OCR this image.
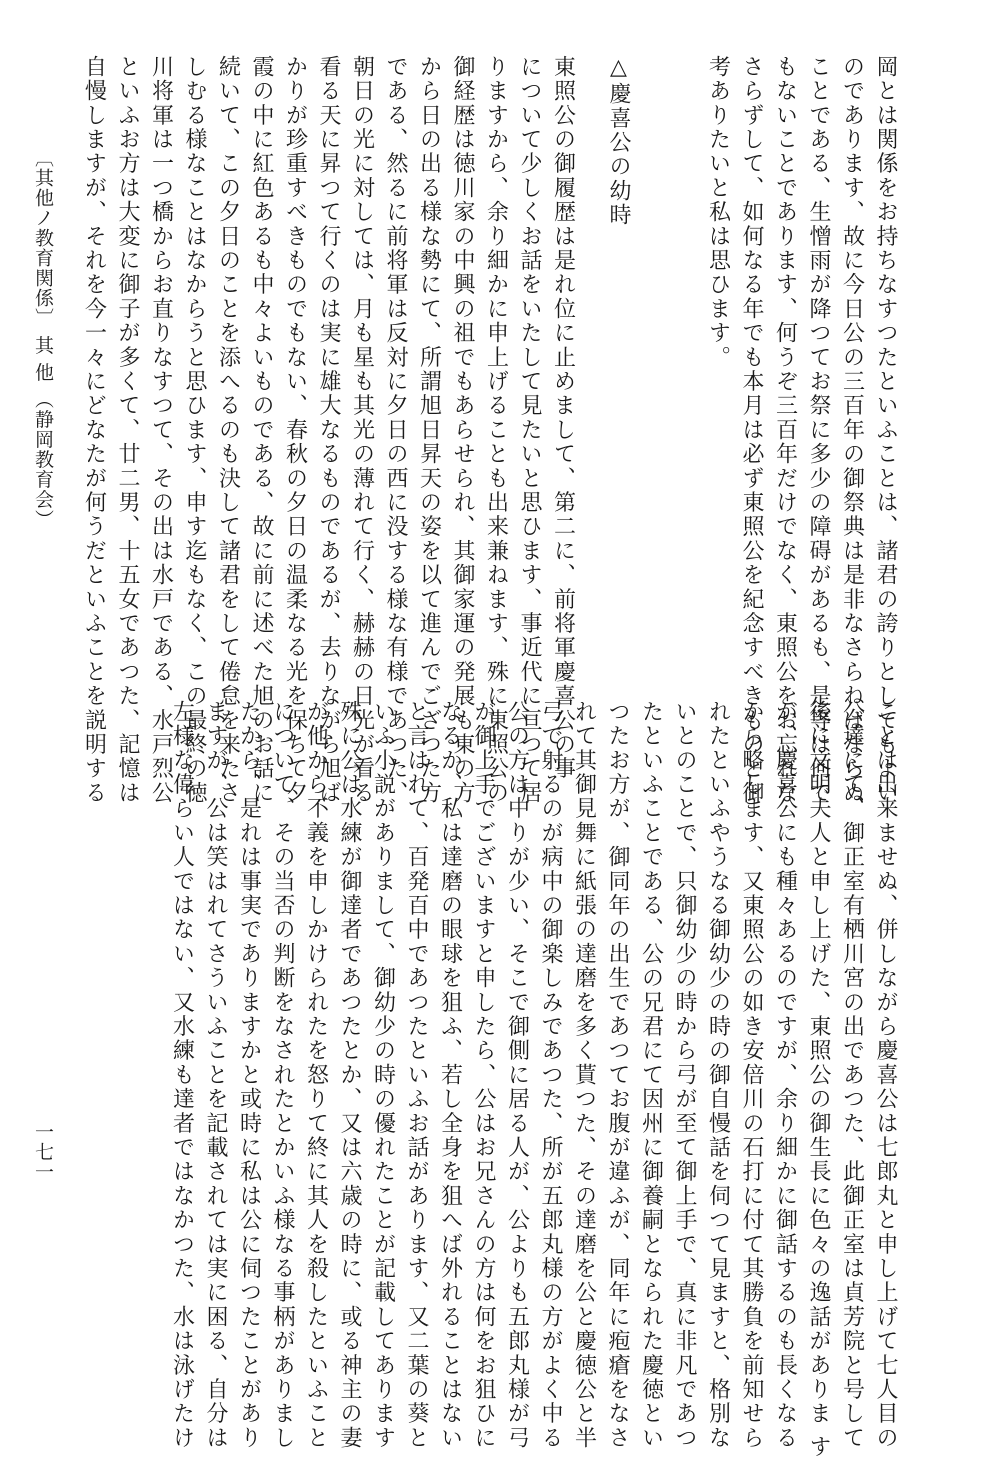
岡とは関係をお持ちなすつたといふことは、諸君の誇りとしてもよい
のであります、故に今日公の三百年の御祭典は是非なさらねばならぬ
ことである、生憎雨が降つてお祭に多少の障碍があるも、是等は何で
もないことであります、何うぞ三百年だけでなく、東照公をお忘れな
さらずして、如何なる年でも本月は必ず東照公を紀念すべきものと御
考ありたいと私は思ひます。
△慶喜公の幼時
東照公の御履歴は是れ位に止めまして、第二に、前将軍慶喜公の事
について少しくお話をいたして見たいと思ひます、事近代に亘つて居
りますから、余り細かに申上げることも出来兼ねます、殊に東照公の
御経歴は徳川家の中興の祖でもあらせられ、其御家運の発展も東の方
から日の出る様な勢にて、所謂旭日昇天の姿を以て進んでござつた方
である、然るに前将軍は反対に夕日の西に没する様な有様であつた、
朝日の光に対しては、月も星も其光の薄れて行く、赫赫の日光が看る
看る天に昇つて行くのは実に雄大なるものであるが、去りながら旭ば
かりが珍重すべきものでもない、春秋の夕日の温柔なる光を保ちて夕
霞の中に紅色あるも中々よいものである、故に前に述べた旭のお話に
続いて、この夕日のことを添へるのも決して諸君をして倦怠を来たさ
しむる様なことはなからうと思ひます、申す迄もなく、この最終の徳
川将軍は一つ橋からお直りなすつて、その出は水戸である、水戸烈公
といふお方は大変に御子が多くて、廿二男、十五女であつた、記憶は
自慢しますが、それを今一々にどなたが何うだといふことを説明する
ことは出来ませぬ、併しながら慶喜公は七郎丸と申し上げて七人目の
公達にて、御正室有栖川宮の出であつた、此御正室は貞芳院と号して
後に文明夫人と申し上げた、東照公の御生長に色々の逸話がありま す
が、慶喜公にも種々あるのですが、余り細かに御話するのも長くなる
から略します、又東照公の如き安倍川の石打に付て其勝負を前知せら
れたといふやうなる御幼少の時の御自慢話を伺つて見ますと、格別な
いとのことで、只御幼少の時から弓が至て御上手で、真に非凡であつ
たといふことである、公の兄君にて因州に御養嗣となられた慶徳とい
つたお方が、御同年の出生であつてお腹が違ふが、同年に疱瘡をなさ
れて其御見舞に紙張の達磨を多く貰つた、その達磨を公と慶徳公と半
弓で射るのが病中の御楽しみであつた、所が五郎丸様の方がよく中る
公の方は中りが少い、そこで御側に居る人が、公よりも五郎丸様が弓
が御上手でございますと申したら、公はお兄さんの方は何をお狙ひに
なるか、私は達磨の眼球を狙ふ、若し全身を狙へば外れることはない
と言はれて、百発百中であつたといふお話があります、又二葉の葵と
いふ小説がありまして、御幼少の時の優れたことが記載してあります
殊に公は水練が御達者であつたとか、又は六歳の時に、或る神主の妻
が他から不義を申しかけられたを怒りて終に其人を殺したといふこと
について、その当否の判断をなされたとかいふ様なる事柄がありまし
たから、是れは事実でありますかと或時に私は公に伺つたことがあり
ますが、公は笑はれてさういふことを記載されては実に困る、自分は
左様な偉らい人ではない、又水練も達者ではなかつた、水は泳げたけ
〔其他ノ教育関係〕 其 他 （静岡教育会）
一七一
